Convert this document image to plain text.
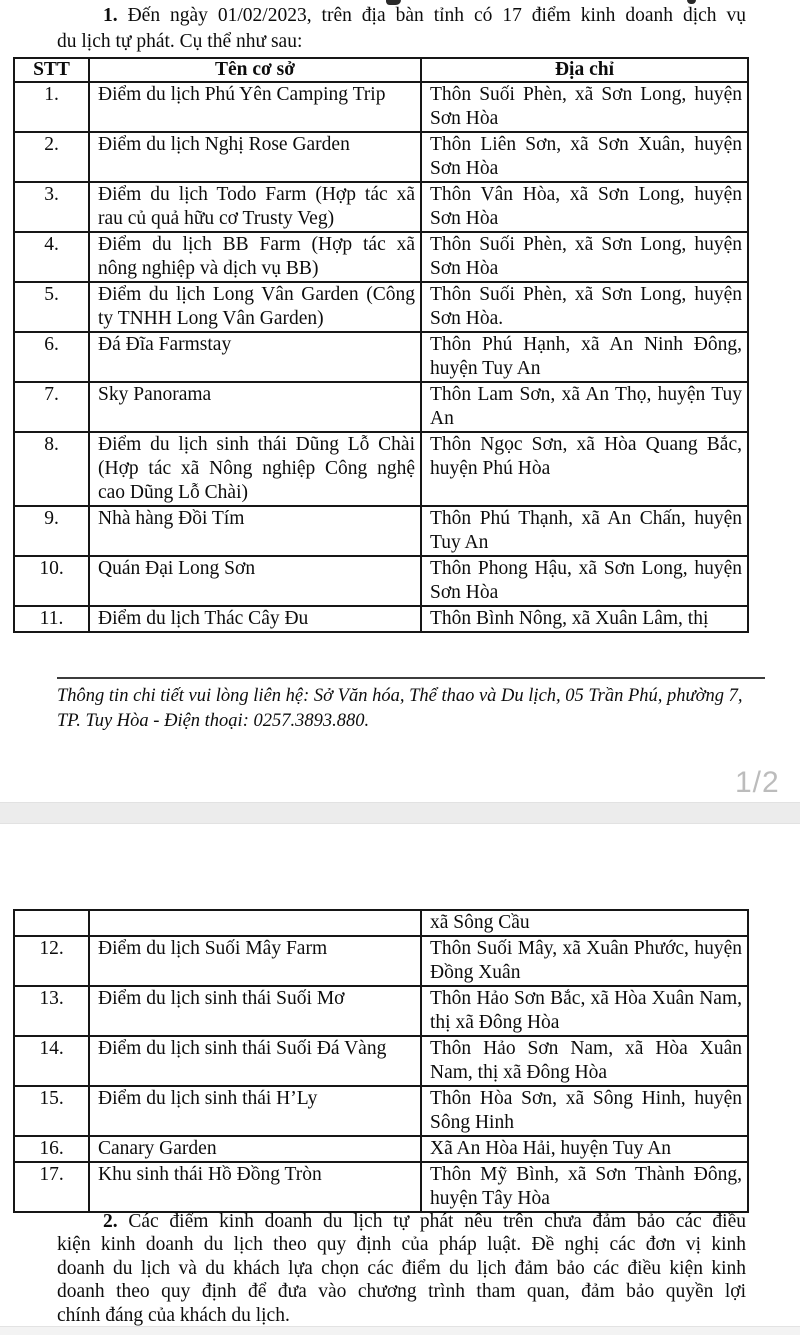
1. Đến ngày 01/02/2023, trên địa bàn tỉnh có 17 điểm kinh doanh dịch vụ
du lịch tự phát. Cụ thể như sau:
STT	Tên cơ sở	Địa chỉ
1.	Điểm du lịch Phú Yên Camping Trip	Thôn Suối Phèn, xã Sơn Long, huyện Sơn Hòa
2.	Điểm du lịch Nghị Rose Garden	Thôn Liên Sơn, xã Sơn Xuân, huyện Sơn Hòa
3.	Điểm du lịch Todo Farm (Hợp tác xã rau củ quả hữu cơ Trusty Veg)	Thôn Vân Hòa, xã Sơn Long, huyện Sơn Hòa
4.	Điểm du lịch BB Farm (Hợp tác xã nông nghiệp và dịch vụ BB)	Thôn Suối Phèn, xã Sơn Long, huyện Sơn Hòa
5.	Điểm du lịch Long Vân Garden (Công ty TNHH Long Vân Garden)	Thôn Suối Phèn, xã Sơn Long, huyện Sơn Hòa.
6.	Đá Đĩa Farmstay	Thôn Phú Hạnh, xã An Ninh Đông, huyện Tuy An
7.	Sky Panorama	Thôn Lam Sơn, xã An Thọ, huyện Tuy An
8.	Điểm du lịch sinh thái Dũng Lỗ Chài (Hợp tác xã Nông nghiệp Công nghệ cao Dũng Lỗ Chài)	Thôn Ngọc Sơn, xã Hòa Quang Bắc, huyện Phú Hòa
9.	Nhà hàng Đồi Tím	Thôn Phú Thạnh, xã An Chấn, huyện Tuy An
10.	Quán Đại Long Sơn	Thôn Phong Hậu, xã Sơn Long, huyện Sơn Hòa
11.	Điểm du lịch Thác Cây Đu	Thôn Bình Nông, xã Xuân Lâm, thị
Thông tin chi tiết vui lòng liên hệ: Sở Văn hóa, Thể thao và Du lịch, 05 Trần Phú, phường 7,
TP. Tuy Hòa - Điện thoại: 0257.3893.880.
1/2
		xã Sông Cầu
12.	Điểm du lịch Suối Mây Farm	Thôn Suối Mây, xã Xuân Phước, huyện Đồng Xuân
13.	Điểm du lịch sinh thái Suối Mơ	Thôn Hảo Sơn Bắc, xã Hòa Xuân Nam, thị xã Đông Hòa
14.	Điểm du lịch sinh thái Suối Đá Vàng	Thôn Hảo Sơn Nam, xã Hòa Xuân Nam, thị xã Đông Hòa
15.	Điểm du lịch sinh thái H’Ly	Thôn Hòa Sơn, xã Sông Hinh, huyện Sông Hinh
16.	Canary Garden	Xã An Hòa Hải, huyện Tuy An
17.	Khu sinh thái Hồ Đồng Tròn	Thôn Mỹ Bình, xã Sơn Thành Đông, huyện Tây Hòa
2. Các điểm kinh doanh du lịch tự phát nêu trên chưa đảm bảo các điều
kiện kinh doanh du lịch theo quy định của pháp luật. Đề nghị các đơn vị kinh
doanh du lịch và du khách lựa chọn các điểm du lịch đảm bảo các điều kiện kinh
doanh theo quy định để đưa vào chương trình tham quan, đảm bảo quyền lợi
chính đáng của khách du lịch.
